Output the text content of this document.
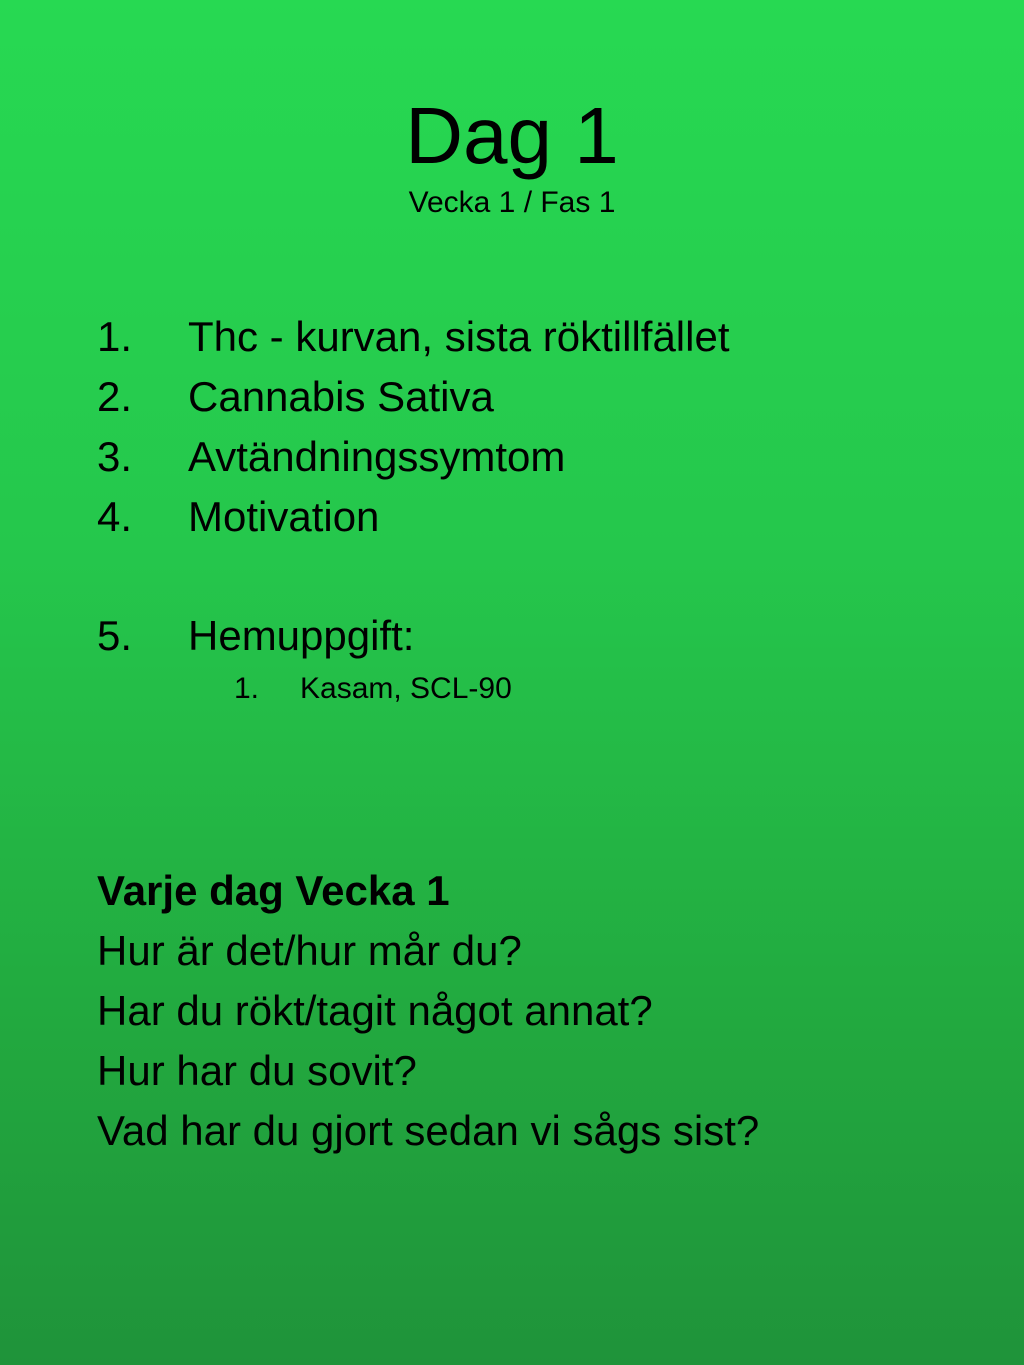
Dag 1
Vecka 1 / Fas 1
1. Thc - kurvan, sista röktillfället
2. Cannabis Sativa
3. Avtändningssymtom
4. Motivation
5. Hemuppgift:
1. Kasam, SCL-90
Varje dag Vecka 1
Hur är det/hur mår du?
Har du rökt/tagit något annat?
Hur har du sovit?
Vad har du gjort sedan vi sågs sist?
